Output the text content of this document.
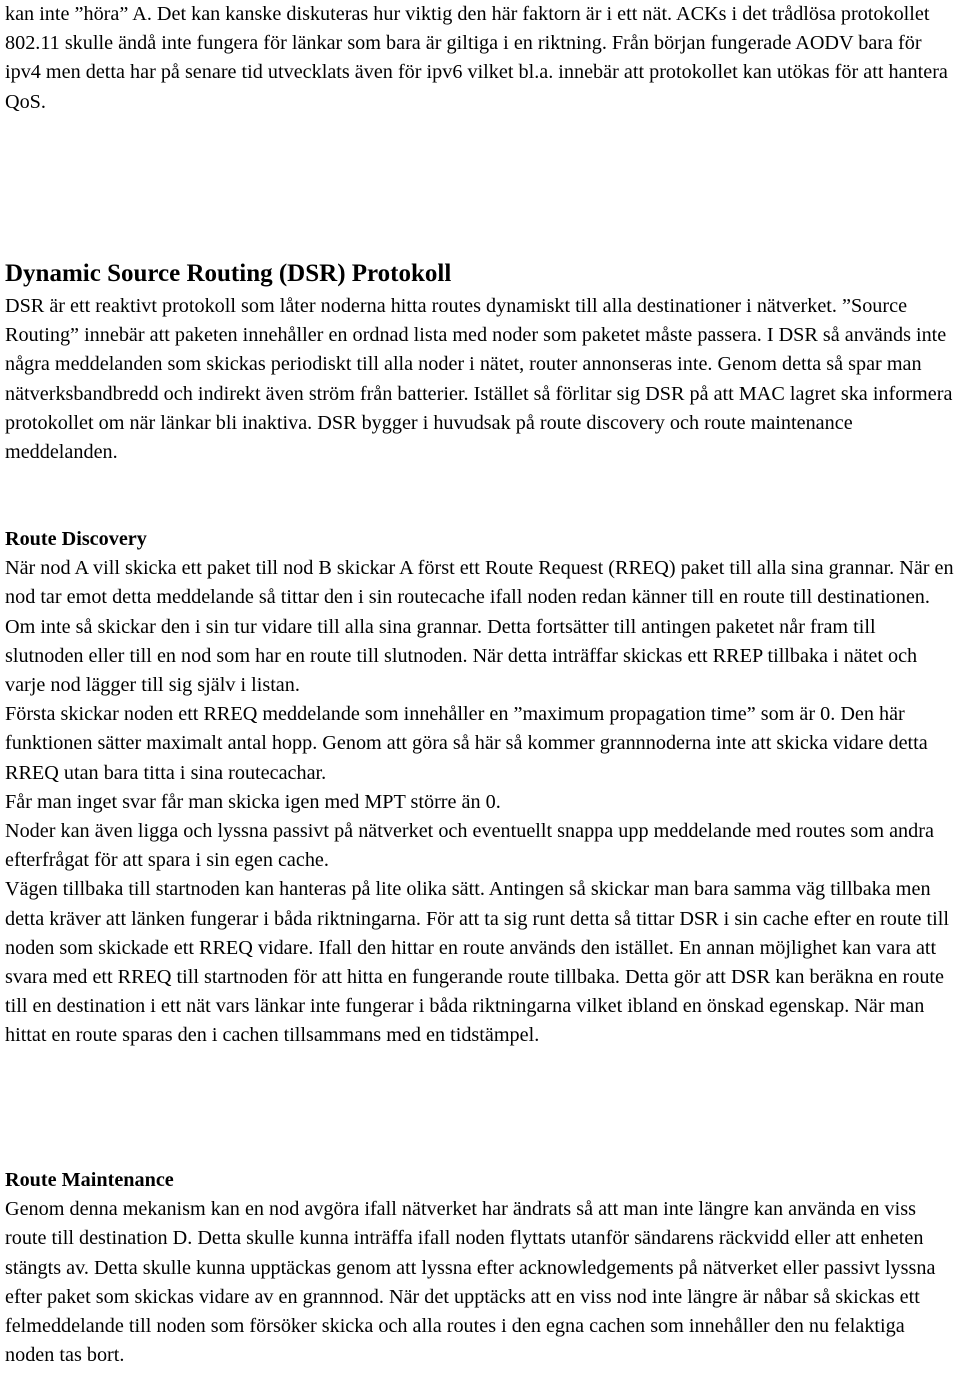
kan inte ”höra” A. Det kan kanske diskuteras hur viktig den här faktorn är i ett nät. ACKs i det trådlösa protokollet 802.11 skulle ändå inte fungera för länkar som bara är giltiga i en riktning. Från början fungerade AODV bara för ipv4 men detta har på senare tid utvecklats även för ipv6 vilket bl.a. innebär att protokollet kan utökas för att hantera QoS.

Dynamic Source Routing (DSR) Protokoll

DSR är ett reaktivt protokoll som låter noderna hitta routes dynamiskt till alla destinationer i nätverket. ”Source Routing” innebär att paketen innehåller en ordnad lista med noder som paketet måste passera. I DSR så används inte några meddelanden som skickas periodiskt till alla noder i nätet, router annonseras inte. Genom detta så spar man nätverksbandbredd och indirekt även ström från batterier. Istället så förlitar sig DSR på att MAC lagret ska informera protokollet om när länkar bli inaktiva. DSR bygger i huvudsak på route discovery och route maintenance meddelanden.

Route Discovery

När nod A vill skicka ett paket till nod B skickar A först ett Route Request (RREQ) paket till alla sina grannar. När en nod tar emot detta meddelande så tittar den i sin routecache ifall noden redan känner till en route till destinationen. Om inte så skickar den i sin tur vidare till alla sina grannar. Detta fortsätter till antingen paketet når fram till slutnoden eller till en nod som har en route till slutnoden. När detta inträffar skickas ett RREP tillbaka i nätet och varje nod lägger till sig själv i listan.

Första skickar noden ett RREQ meddelande som innehåller en ”maximum propagation time” som är 0. Den här funktionen sätter maximalt antal hopp. Genom att göra så här så kommer grannnoderna inte att skicka vidare detta RREQ utan bara titta i sina routecachar.

Får man inget svar får man skicka igen med MPT större än 0.

Noder kan även ligga och lyssna passivt på nätverket och eventuellt snappa upp meddelande med routes som andra efterfrågat för att spara i sin egen cache.

Vägen tillbaka till startnoden kan hanteras på lite olika sätt. Antingen så skickar man bara samma väg tillbaka men detta kräver att länken fungerar i båda riktningarna. För att ta sig runt detta så tittar DSR i sin cache efter en route till noden som skickade ett RREQ vidare. Ifall den hittar en route används den istället. En annan möjlighet kan vara att svara med ett RREQ till startnoden för att hitta en fungerande route tillbaka. Detta gör att DSR kan beräkna en route till en destination i ett nät vars länkar inte fungerar i båda riktningarna vilket ibland en önskad egenskap. När man hittat en route sparas den i cachen tillsammans med en tidstämpel.

Route Maintenance

Genom denna mekanism kan en nod avgöra ifall nätverket har ändrats så att man inte längre kan använda en viss route till destination D. Detta skulle kunna inträffa ifall noden flyttats utanför sändarens räckvidd eller att enheten stängts av. Detta skulle kunna upptäckas genom att lyssna efter acknowledgements på nätverket eller passivt lyssna efter paket som skickas vidare av en grannnod. När det upptäcks att en viss nod inte längre är nåbar så skickas ett felmeddelande till noden som försöker skicka och alla routes i den egna cachen som innehåller den nu felaktiga noden tas bort.
